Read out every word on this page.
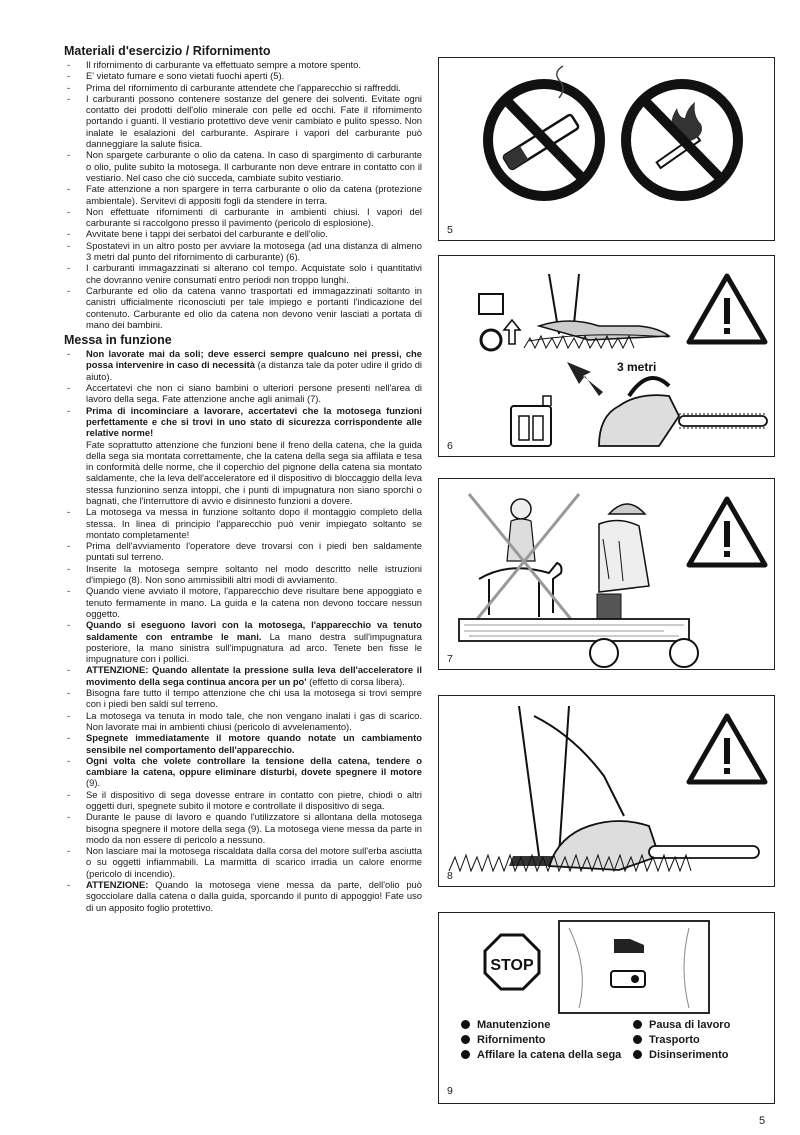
Materiali d'esercizio / Rifornimento
- Il rifornimento di carburante va effettuato sempre a motore spento.
- E' vietato fumare e sono vietati fuochi aperti (5).
- Prima del rifornimento di carburante attendete che l'apparecchio si raffreddi.
- I carburanti possono contenere sostanze del genere dei solventi. Evitate ogni contatto dei prodotti dell'olio minerale con pelle ed occhi. Fate il rifornimento portando i guanti. Il vestiario protettivo deve venir cambiato e pulito spesso. Non inalate le esalazioni del carburante. Aspirare i vapori del carburante può danneggiare la salute fisica.
- Non spargete carburante o olio da catena. In caso di spargimento di carburante o olio, pulite subito la motosega. Il carburante non deve entrare in contatto con il vestiario. Nel caso che ciò succeda, cambiate subito vestiario.
- Fate attenzione a non spargere in terra carburante o olio da catena (protezione ambientale). Servitevi di appositi fogli da stendere in terra.
- Non effettuate rifornimenti di carburante in ambienti chiusi. I vapori del carburante si raccolgono presso il pavimento (pericolo di esplosione).
- Avvitate bene i tappi dei serbatoi del carburante e dell'olio.
- Spostatevi in un altro posto per avviare la motosega (ad una distanza di almeno 3 metri dal punto del rifornimento di carburante) (6).
- I carburanti immagazzinati si alterano col tempo. Acquistate solo i quantitativi che dovranno venire consumati entro periodi non troppo lunghi.
- Carburante ed olio da catena vanno trasportati ed immagazzinati soltanto in canistri ufficialmente riconosciuti per tale impiego e portanti l'indicazione del contenuto. Carburante ed olio da catena non devono venir lasciati a portata di mano dei bambini.
Messa in funzione
- Non lavorate mai da soli; deve esserci sempre qualcuno nei pressi, che possa intervenire in caso di necessità (a distanza tale da poter udire il grido di aiuto).
- Accertatevi che non ci siano bambini o ulteriori persone presenti nell'area di lavoro della sega. Fate attenzione anche agli animali (7).
- Prima di incominciare a lavorare, accertatevi che la motosega funzioni perfettamente e che si trovi in uno stato di sicurezza corrispondente alle relative norme!
Fate soprattutto attenzione che funzioni bene il freno della catena, che la guida della sega sia montata correttamente, che la catena della sega sia affilata e tesa in conformità delle norme, che il coperchio del pignone della catena sia montato saldamente, che la leva dell'acceleratore ed il dispositivo di bloccaggio della leva stessa funzionino senza intoppi, che i punti di impugnatura non siano sporchi o bagnati, che l'interruttore di avvio e disinnesto funzioni a dovere.
- La motosega va messa in funzione soltanto dopo il montaggio completo della stessa. In linea di principio l'apparecchio può venir impiegato soltanto se montato completamente!
- Prima dell'avviamento l'operatore deve trovarsi con i piedi ben saldamente puntati sul terreno.
- Inserite la motosega sempre soltanto nel modo descritto nelle istruzioni d'impiego (8). Non sono ammissibili altri modi di avviamento.
- Quando viene avviato il motore, l'apparecchio deve risultare bene appoggiato e tenuto fermamente in mano. La guida e la catena non devono toccare nessun oggetto.
- Quando si eseguono lavori con la motosega, l'apparecchio va tenuto saldamente con entrambe le mani. La mano destra sull'impugnatura posteriore, la mano sinistra sull'impugnatura ad arco. Tenete ben fisse le impugnature con i pollici.
- ATTENZIONE: Quando allentate la pressione sulla leva dell'acceleratore il movimento della sega continua ancora per un po' (effetto di corsa libera).
- Bisogna fare tutto il tempo attenzione che chi usa la motosega si trovi sempre con i piedi ben saldi sul terreno.
- La motosega va tenuta in modo tale, che non vengano inalati i gas di scarico. Non lavorate mai in ambienti chiusi (pericolo di avvelenamento).
- Spegnete immediatamente il motore quando notate un cambiamento sensibile nel comportamento dell'apparecchio.
- Ogni volta che volete controllare la tensione della catena, tendere o cambiare la catena, oppure eliminare disturbi, dovete spegnere il motore (9).
- Se il dispositivo di sega dovesse entrare in contatto con pietre, chiodi o altri oggetti duri, spegnete subito il motore e controllate il dispositivo di sega.
- Durante le pause di lavoro e quando l'utilizzatore si allontana della motosega bisogna spegnere il motore della sega (9). La motosega viene messa da parte in modo da non essere di pericolo a nessuno.
- Non lasciare mai la motosega riscaldata dalla corsa del motore sull'erba asciutta o su oggetti infiammabili. La marmitta di scarico irradia un calore enorme (pericolo di incendio).
- ATTENZIONE: Quando la motosega viene messa da parte, dell'olio può sgocciolare dalla catena o dalla guida, sporcando il punto di appoggio! Fate uso di un apposito foglio protettivo.
5
3 metri
6
7
8
STOP
Manutenzione	Pausa di lavoro
Rifornimento	Trasporto
Affilare la catena della sega	Disinserimento
9
5
